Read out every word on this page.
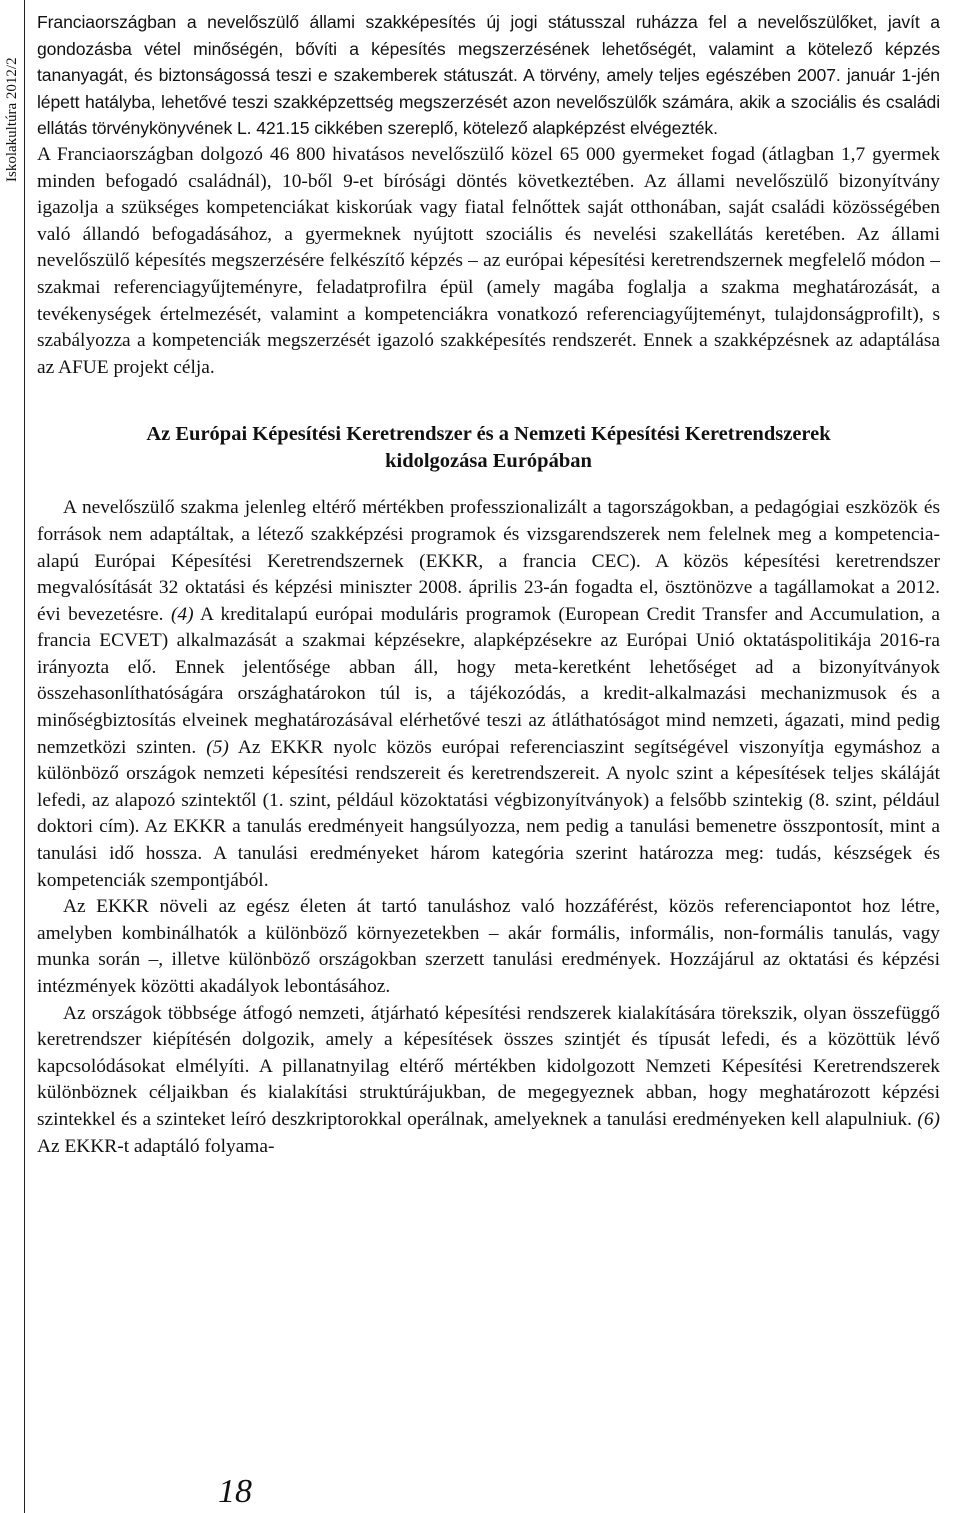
Iskolakultúra 2012/2

Franciaországban a nevelőszülő állami szakképesítés új jogi státusszal ruházza fel a nevelőszülőket, javít a gondozásba vétel minőségén, bővíti a képesítés megszerzésének lehetőségét, valamint a kötelező képzés tananyagát, és biztonságossá teszi e szakemberek státuszát. A törvény, amely teljes egészében 2007. január 1-jén lépett hatályba, lehetővé teszi szakképzettség megszerzését azon nevelőszülők számára, akik a szociális és családi ellátás törvénykönyvének L. 421.15 cikkében szereplő, kötelező alapképzést elvégezték.

A Franciaországban dolgozó 46 800 hivatásos nevelőszülő közel 65 000 gyermeket fogad (átlagban 1,7 gyermek minden befogadó családnál), 10-ből 9-et bírósági döntés következtében. Az állami nevelőszülő bizonyítvány igazolja a szükséges kompetenciákat kiskorúak vagy fiatal felnőttek saját otthonában, saját családi közösségében való állandó befogadásához, a gyermeknek nyújtott szociális és nevelési szakellátás keretében. Az állami nevelőszülő képesítés megszerzésére felkészítő képzés – az európai képesítési keretrendszernek megfelelő módon – szakmai referenciagyűjteményre, feladatprofilra épül (amely magába foglalja a szakma meghatározását, a tevékenységek értelmezését, valamint a kompetenciákra vonatkozó referenciagyűjteményt, tulajdonságprofilt), s szabályozza a kompetenciák megszerzését igazoló szakképesítés rendszerét. Ennek a szakképzésnek az adaptálása az AFUE projekt célja.

Az Európai Képesítési Keretrendszer és a Nemzeti Képesítési Keretrendszerek
kidolgozása Európában

A nevelőszülő szakma jelenleg eltérő mértékben professzionalizált a tagországokban, a pedagógiai eszközök és források nem adaptáltak, a létező szakképzési programok és vizsgarendszerek nem felelnek meg a kompetencia-alapú Európai Képesítési Keretrendszernek (EKKR, a francia CEC). A közös képesítési keretrendszer megvalósítását 32 oktatási és képzési miniszter 2008. április 23-án fogadta el, ösztönözve a tagállamokat a 2012. évi bevezetésre. (4) A kreditalapú európai moduláris programok (European Credit Transfer and Accumulation, a francia ECVET) alkalmazását a szakmai képzésekre, alapképzésekre az Európai Unió oktatáspolitikája 2016-ra irányozta elő. Ennek jelentősége abban áll, hogy meta-keretként lehetőséget ad a bizonyítványok összehasonlíthatóságára országhatárokon túl is, a tájékozódás, a kredit-alkalmazási mechanizmusok és a minőségbiztosítás elveinek meghatározásával elérhetővé teszi az átláthatóságot mind nemzeti, ágazati, mind pedig nemzetközi szinten. (5) Az EKKR nyolc közös európai referenciaszint segítségével viszonyítja egymáshoz a különböző országok nemzeti képesítési rendszereit és keretrendszereit. A nyolc szint a képesítések teljes skáláját lefedi, az alapozó szintektől (1. szint, például közoktatási végbizonyítványok) a felsőbb szintekig (8. szint, például doktori cím). Az EKKR a tanulás eredményeit hangsúlyozza, nem pedig a tanulási bemenetre összpontosít, mint a tanulási idő hossza. A tanulási eredményeket három kategória szerint határozza meg: tudás, készségek és kompetenciák szempontjából.

Az EKKR növeli az egész életen át tartó tanuláshoz való hozzáférést, közös referenciapontot hoz létre, amelyben kombinálhatók a különböző környezetekben – akár formális, informális, non-formális tanulás, vagy munka során –, illetve különböző országokban szerzett tanulási eredmények. Hozzájárul az oktatási és képzési intézmények közötti akadályok lebontásához.

Az országok többsége átfogó nemzeti, átjárható képesítési rendszerek kialakítására törekszik, olyan összefüggő keretrendszer kiépítésén dolgozik, amely a képesítések összes szintjét és típusát lefedi, és a közöttük lévő kapcsolódásokat elmélyíti. A pillanatnyilag eltérő mértékben kidolgozott Nemzeti Képesítési Keretrendszerek különböznek céljaikban és kialakítási struktúrájukban, de megegyeznek abban, hogy meghatározott képzési szintekkel és a szinteket leíró deszkriptorokkal operálnak, amelyeknek a tanulási eredményeken kell alapulniuk. (6) Az EKKR-t adaptáló folyama-

18
